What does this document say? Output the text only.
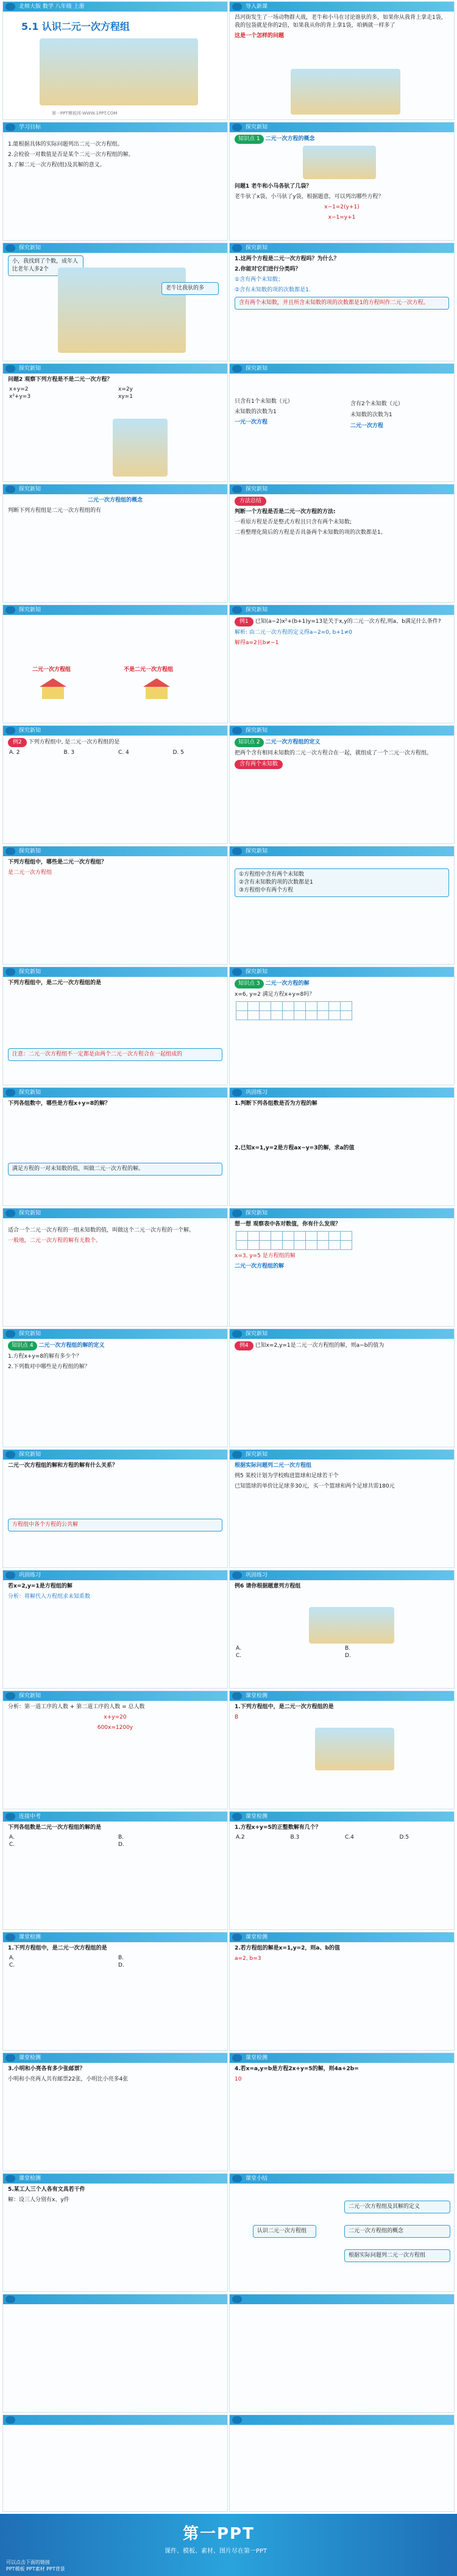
北师大版 数学 八年级 上册
5.1 认识二元一次方程组
第一PPT模板网-WWW.1PPT.COM
导入新课
昌河街发生了一场动物群大战，老牛和小马在讨论谁驮的多，如果你从我背上拿走1袋，我的包袋就是你的2倍，如果我从你的背上拿1袋，咱俩就一样多了
这是一个怎样的问题
学习目标
1.能根据具体的实际问题列出二元一次方程组。
2.会检验一对数值是否是某个二元一次方程组的解。
3.了解二元一次方程(组)及其解的意义。
探究新知
知识点 1 二元一次方程的概念
问题1 老牛和小马各驮了几袋？
老牛驮了x袋，小马驮了y袋，根据题意，可以列出哪些方程？
x−1=2(y+1)
x−1=y+1
探究新知
小，我找到了个数，成年人比老年人多2个
老牛比我驮的多
探究新知
1.这两个方程是二元一次方程吗？为什么？
2.你能对它们进行分类吗？
①含有两个未知数；
②含有未知数的项的次数都是1.
含有两个未知数，并且所含未知数的项的次数都是1的方程叫作二元一次方程。
探究新知
问题2 观察下列方程是不是二元一次方程？
x+y=2	x=2y
x²+y=3	xy=1
探究新知
只含有1个未知数（元）
未知数的次数为1
一元一次方程
含有2个未知数（元）
未知数的次数为1
二元一次方程
探究新知
二元一次方程组的概念
判断下列方程组是二元一次方程组的有
探究新知
方法总结
判断一个方程是否是二元一次方程的方法:
一看原方程是否是整式方程且只含有两个未知数;
二看整理化简后的方程是否具备两个未知数的项的次数都是1。
探究新知
二元一次方程组	不是二元一次方程组
探究新知
例1 已知(a−2)x²+(b+1)y=13是关于x,y的二元一次方程,则a、b满足什么条件?
解析: 由二元一次方程的定义得a−2=0, b+1≠0
解得a=2且b≠−1
探究新知
例2 下列方程组中, 是二元一次方程组的是
A. 2	B. 3	C. 4	D. 5
探究新知
知识点 2 二元一次方程组的定义
把两个含有相同未知数的二元一次方程合在一起，就组成了一个二元一次方程组。
含有两个未知数
探究新知
下列方程组中，哪些是二元一次方程组？
是二元一次方程组
探究新知
①方程组中含有两个未知数
②含有未知数的项的次数都是1
③方程组中有两个方程
探究新知
下列方程组中，是二元一次方程组的是
注意：二元一次方程组不一定都是由两个二元一次方程合在一起组成的
探究新知
知识点 3 二元一次方程的解
x=6, y=2 满足方程x+y=8吗？

探究新知
下列各组数中，哪些是方程x+y=8的解？
满足方程的一对未知数的值，叫做二元一次方程的解。
巩固练习
1.判断下列各组数是否为方程的解
2.已知x=1,y=2是方程ax−y=3的解，求a的值
探究新知
适合一个二元一次方程的一组未知数的值，叫做这个二元一次方程的一个解。
一般地，二元一次方程的解有无数个。
探究新知
想一想 观察表中各对数值，你有什么发现？

x=3, y=5 是方程组的解
二元一次方程组的解
探究新知
知识点 4 二元一次方程组的解的定义
1.方程x+y=8的解有多少个？
2.下列数对中哪些是方程组的解？
探究新知
例4 已知x=2,y=1是二元一次方程组的解，则a−b的值为
探究新知
二元一次方程组的解和方程的解有什么关系？
方程组中各个方程的公共解
探究新知
根据实际问题列二元一次方程组
例5 某校计划为学校购进篮球和足球若干个
已知篮球的单价比足球多30元，买一个篮球和两个足球共需180元
巩固练习
若x=2,y=1是方程组的解
分析：将解代入方程组求未知系数
巩固练习
例6 请你根据题意列方程组
A.	B.
C.	D.
探究新知
分析：第一道工序的人数 + 第二道工序的人数 = 总人数
x+y=20
600x=1200y
课堂检测
1.下列方程组中，是二元一次方程组的是
B
连接中考
下列各组数是二元一次方程组的解的是
A.	B.
C.	D.
课堂检测
1.方程x+y=5的正整数解有几个？
A.2	B.3	C.4	D.5
课堂检测
1.下列方程组中，是二元一次方程组的是
A.	B.
C.	D.
课堂检测
2.若方程组的解是x=1,y=2，则a、b的值
a=2, b=3
课堂检测
3.小明和小亮各有多少张邮票？
小明和小亮两人共有邮票22张，小明比小亮多4张
课堂检测
4.若x=a,y=b是方程2x+y=5的解，则4a+2b=
10
课堂检测
5.某工人三个人各有文具若干件
解：设三人分别有x、y件
课堂小结
认识二元一次方程组
二元一次方程组及其解的定义
二元一次方程组的概念
根据实际问题列二元一次方程组
第一PPT
课件、模板、素材、图片尽在第一PPT
可以点击下面的链接
PPT模板 PPT素材 PPT背景
